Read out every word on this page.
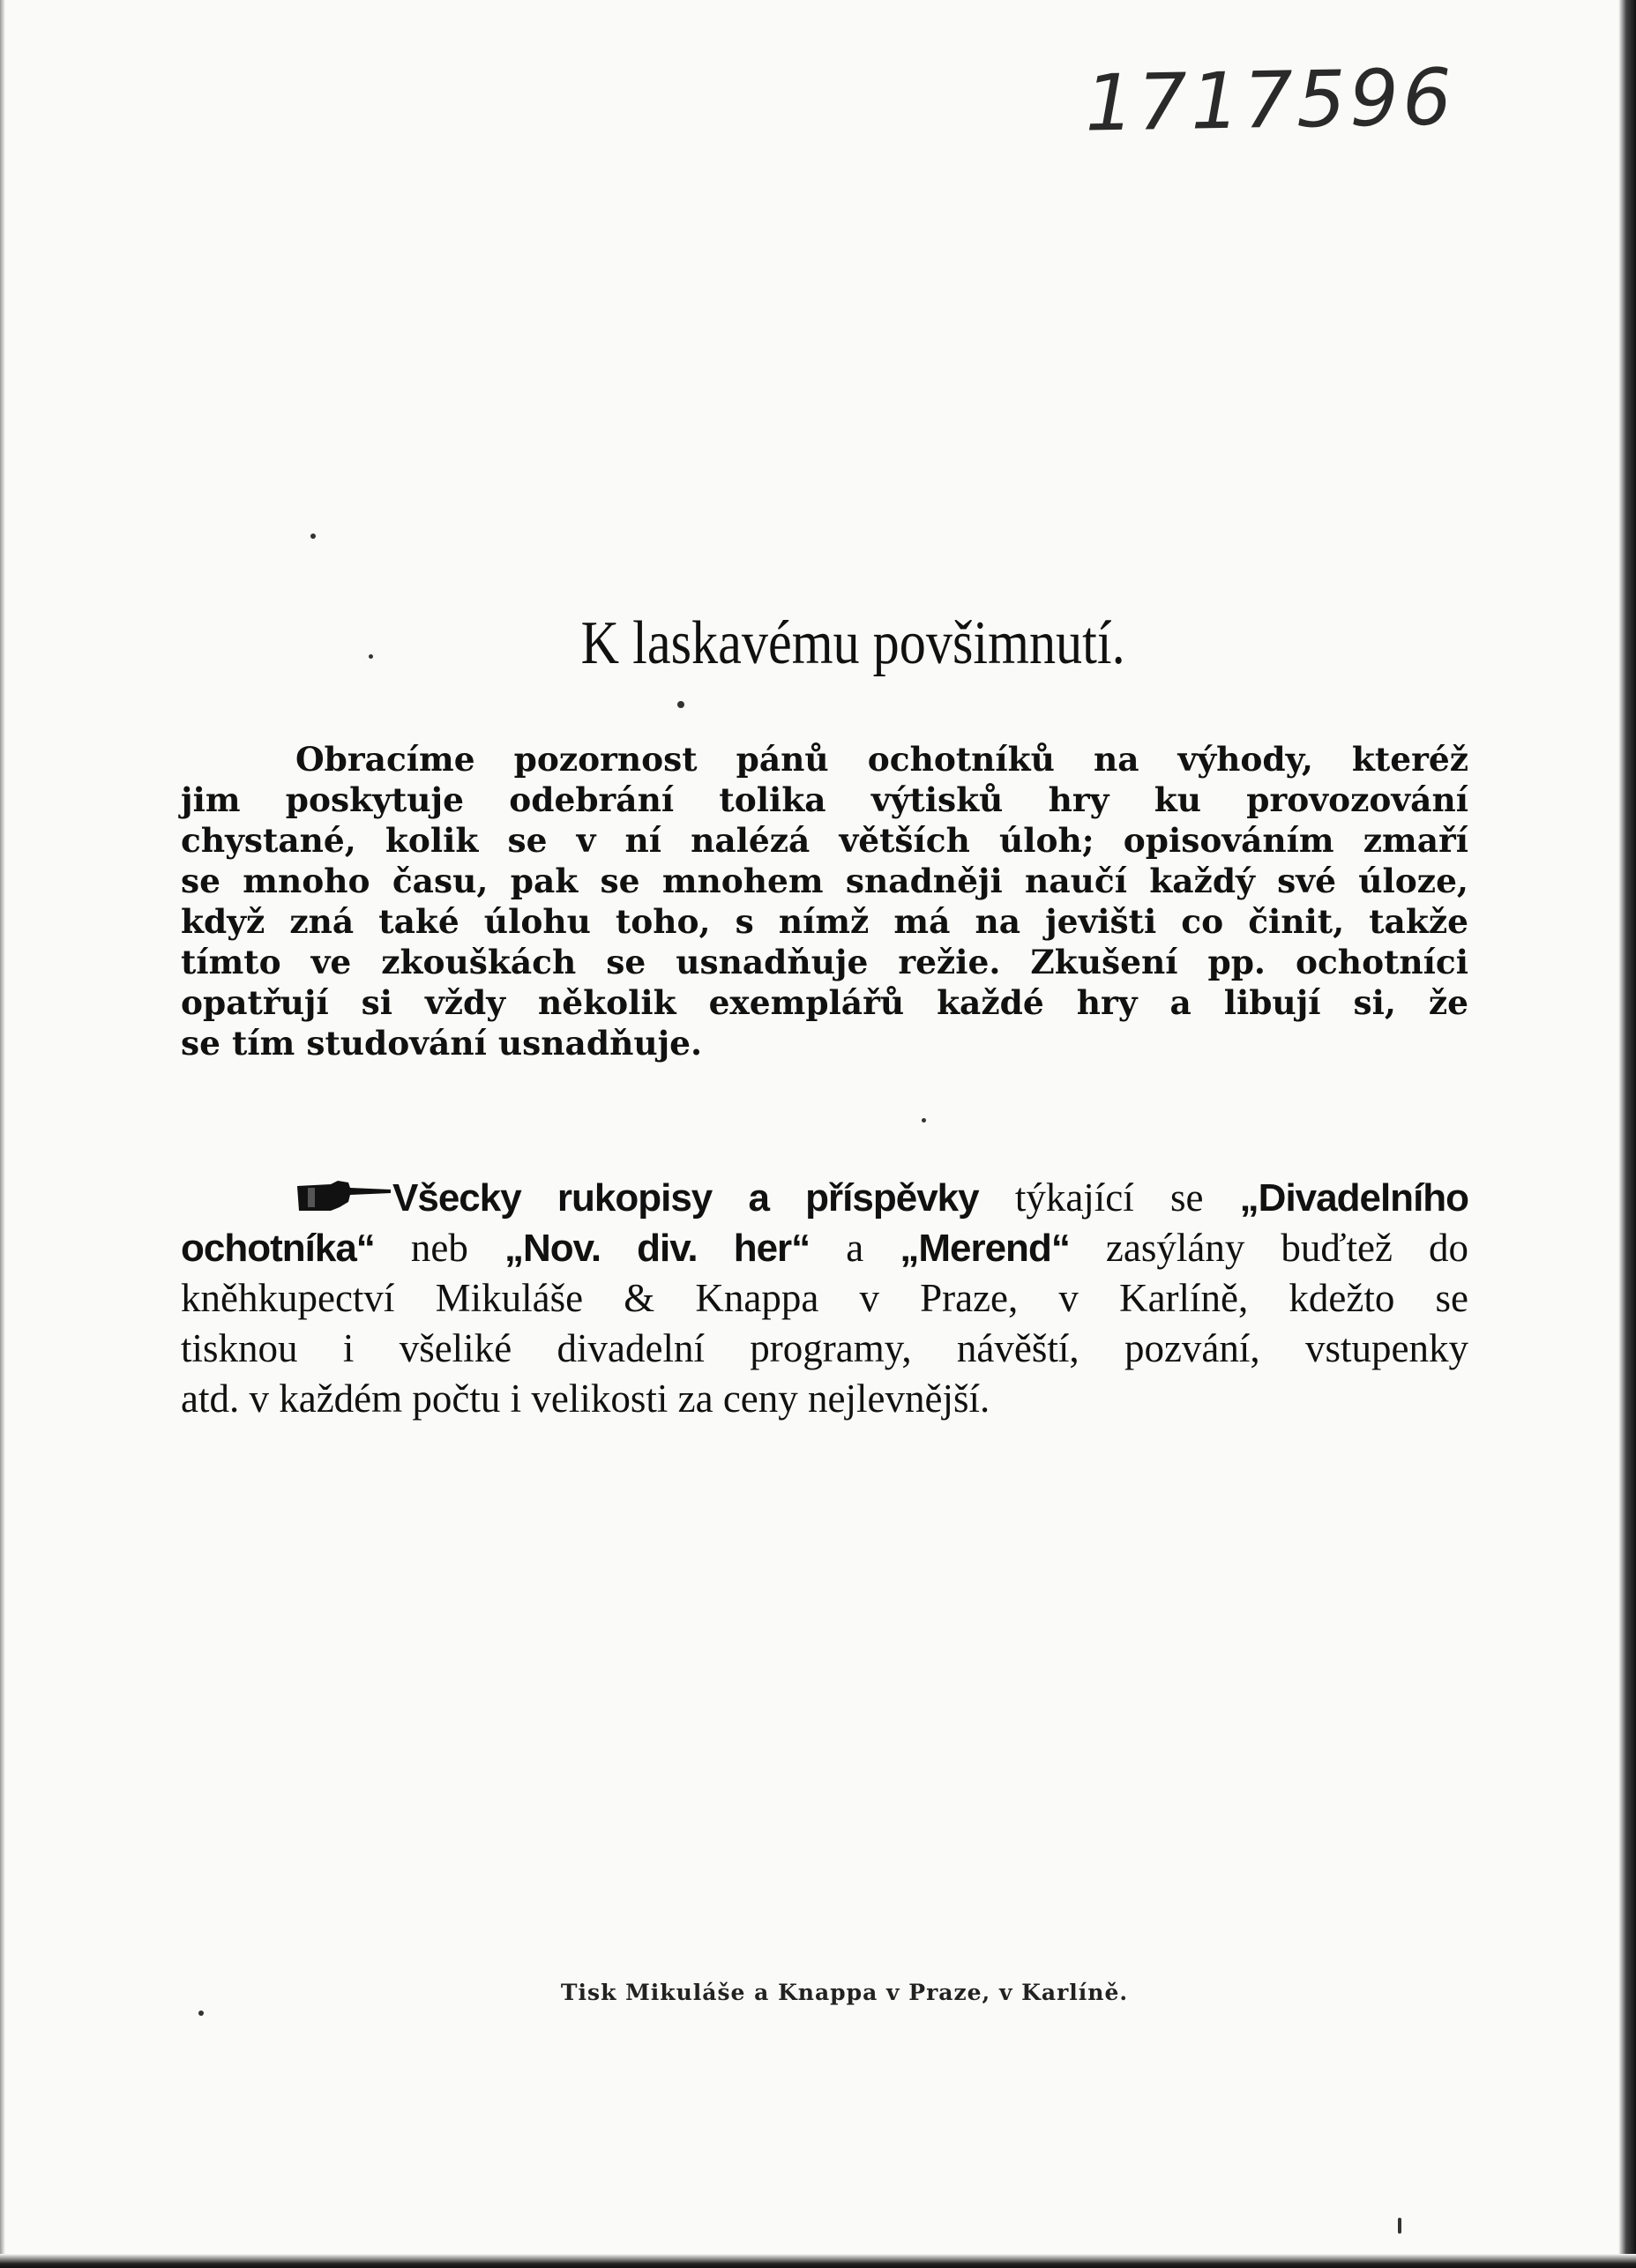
1717596
K laskavému povšimnutí.
Obracíme pozornost pánů ochotníků na výhody, kteréž
jim poskytuje odebrání tolika výtisků hry ku provozování
chystané, kolik se v ní nalézá větších úloh; opisováním zmaří
se mnoho času, pak se mnohem snadněji naučí každý své úloze,
když zná také úlohu toho, s nímž má na jevišti co činit, takže
tímto ve zkouškách se usnadňuje režie. Zkušení pp. ochotníci
opatřují si vždy několik exemplářů každé hry a libují si, že
se tím studování usnadňuje.
Všecky rukopisy a příspěvky týkající se „Divadelního
ochotníka“ neb „Nov. div. her“ a „Merend“ zasýlány buďtež do
kněhkupectví Mikuláše & Knappa v Praze, v Karlíně, kdežto se
tisknou i všeliké divadelní programy, návěští, pozvání, vstupenky
atd. v každém počtu i velikosti za ceny nejlevnější.
Tisk Mikuláše a Knappa v Praze, v Karlíně.
